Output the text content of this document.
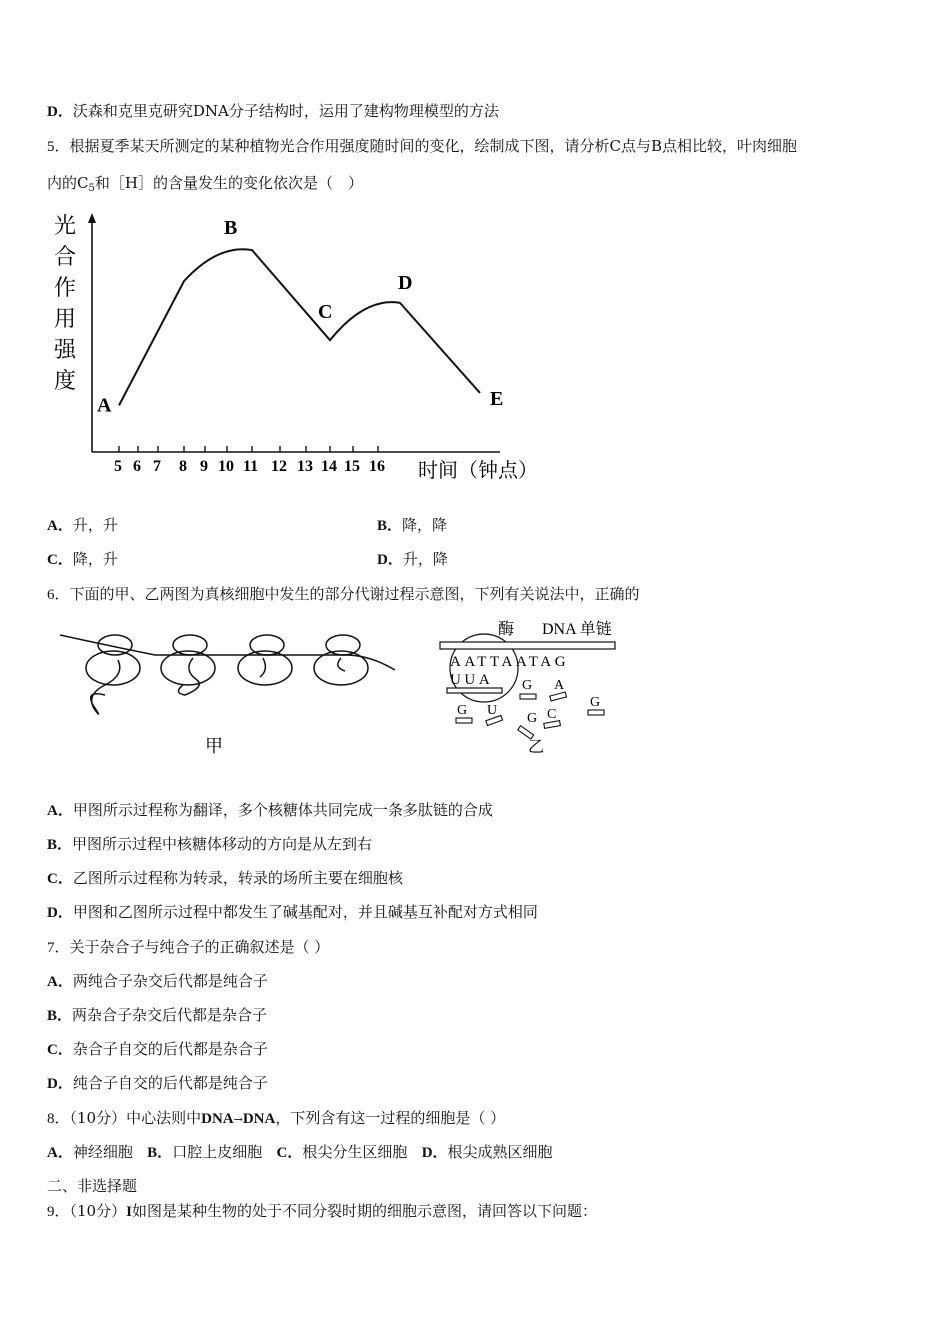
D．沃森和克里克研究DNA分子结构时，运用了建构物理模型的方法
5．根据夏季某天所测定的某种植物光合作用强度随时间的变化，绘制成下图，请分析C点与B点相比较，叶肉细胞
内的$C_5$和［H］的含量发生的变化依次是（　）
光
合
作
用
强
度
5 6 7 8 9 10 11 12 13 14 15 16
A
B
C
D
E
时间（钟点）
A．升，升	B．降，降
C．降，升	D．升，降
6．下面的甲、乙两图为真核细胞中发生的部分代谢过程示意图，下列有关说法中，正确的
甲
酶 DNA 单链
AATTAATAG
UUA G A
G
G U
G C
乙
A．甲图所示过程称为翻译，多个核糖体共同完成一条多肽链的合成
B．甲图所示过程中核糖体移动的方向是从左到右
C．乙图所示过程称为转录，转录的场所主要在细胞核
D．甲图和乙图所示过程中都发生了碱基配对，并且碱基互补配对方式相同
7．关于杂合子与纯合子的正确叙述是（ ）
A．两纯合子杂交后代都是纯合子
B．两杂合子杂交后代都是杂合子
C．杂合子自交的后代都是杂合子
D．纯合子自交的后代都是纯合子
8．（10分）中心法则中DNA→DNA，下列含有这一过程的细胞是（ ）
A．神经细胞 B．口腔上皮细胞 C．根尖分生区细胞 D．根尖成熟区细胞
二、非选择题
9．（10分）I如图是某种生物的处于不同分裂时期的细胞示意图，请回答以下问题：
